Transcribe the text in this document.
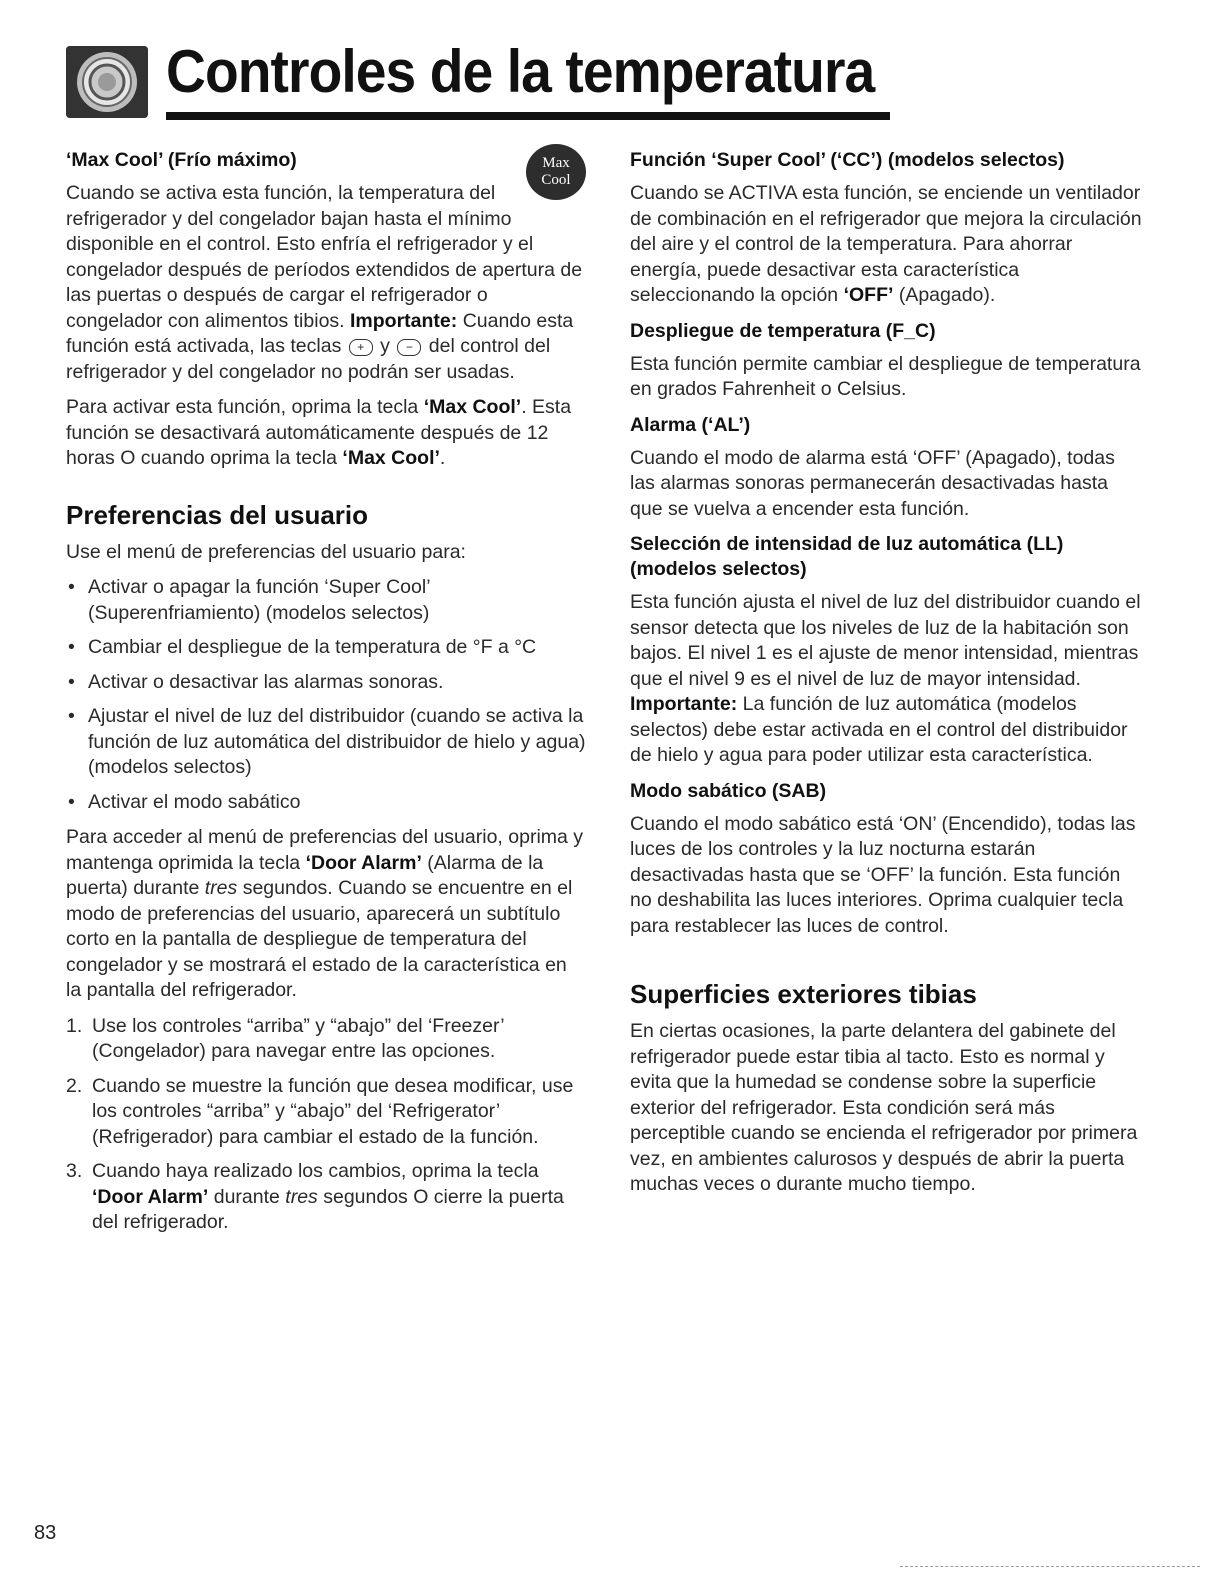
Controles de la temperatura
Max
Cool
‘Max Cool’ (Frío máximo)

Cuando se activa esta función, la temperatura del refrigerador y del congelador bajan hasta el mínimo disponible en el control. Esto enfría el refrigerador y el congelador después de períodos extendidos de apertura de las puertas o después de cargar el refrigerador o congelador con alimentos tibios. Importante: Cuando esta función está activada, las teclas + y − del control del refrigerador y del congelador no podrán ser usadas.

Para activar esta función, oprima la tecla ‘Max Cool’. Esta función se desactivará automáticamente después de 12 horas O cuando oprima la tecla ‘Max Cool’.

Preferencias del usuario

Use el menú de preferencias del usuario para:

• Activar o apagar la función ‘Super Cool’ (Superenfriamiento) (modelos selectos)
• Cambiar el despliegue de la temperatura de °F a °C
• Activar o desactivar las alarmas sonoras.
• Ajustar el nivel de luz del distribuidor (cuando se activa la función de luz automática del distribuidor de hielo y agua) (modelos selectos)
• Activar el modo sabático

Para acceder al menú de preferencias del usuario, oprima y mantenga oprimida la tecla ‘Door Alarm’ (Alarma de la puerta) durante tres segundos. Cuando se encuentre en el modo de preferencias del usuario, aparecerá un subtítulo corto en la pantalla de despliegue de temperatura del congelador y se mostrará el estado de la característica en la pantalla del refrigerador.

1. Use los controles “arriba” y “abajo” del ‘Freezer’ (Congelador) para navegar entre las opciones.
2. Cuando se muestre la función que desea modificar, use los controles “arriba” y “abajo” del ‘Refrigerator’ (Refrigerador) para cambiar el estado de la función.
3. Cuando haya realizado los cambios, oprima la tecla ‘Door Alarm’ durante tres segundos O cierre la puerta del refrigerador.
Función ‘Super Cool’ (‘CC’) (modelos selectos)

Cuando se ACTIVA esta función, se enciende un ventilador de combinación en el refrigerador que mejora la circulación del aire y el control de la temperatura. Para ahorrar energía, puede desactivar esta característica seleccionando la opción ‘OFF’ (Apagado).

Despliegue de temperatura (F_C)

Esta función permite cambiar el despliegue de temperatura en grados Fahrenheit o Celsius.

Alarma (‘AL’)

Cuando el modo de alarma está ‘OFF’ (Apagado), todas las alarmas sonoras permanecerán desactivadas hasta que se vuelva a encender esta función.

Selección de intensidad de luz automática (LL) (modelos selectos)

Esta función ajusta el nivel de luz del distribuidor cuando el sensor detecta que los niveles de luz de la habitación son bajos. El nivel 1 es el ajuste de menor intensidad, mientras que el nivel 9 es el nivel de luz de mayor intensidad. Importante: La función de luz automática (modelos selectos) debe estar activada en el control del distribuidor de hielo y agua para poder utilizar esta característica.

Modo sabático (SAB)

Cuando el modo sabático está ‘ON’ (Encendido), todas las luces de los controles y la luz nocturna estarán desactivadas hasta que se ‘OFF’ la función. Esta función no deshabilita las luces interiores. Oprima cualquier tecla para restablecer las luces de control.

Superficies exteriores tibias

En ciertas ocasiones, la parte delantera del gabinete del refrigerador puede estar tibia al tacto. Esto es normal y evita que la humedad se condense sobre la superficie exterior del refrigerador. Esta condición será más perceptible cuando se encienda el refrigerador por primera vez, en ambientes calurosos y después de abrir la puerta muchas veces o durante mucho tiempo.

83
